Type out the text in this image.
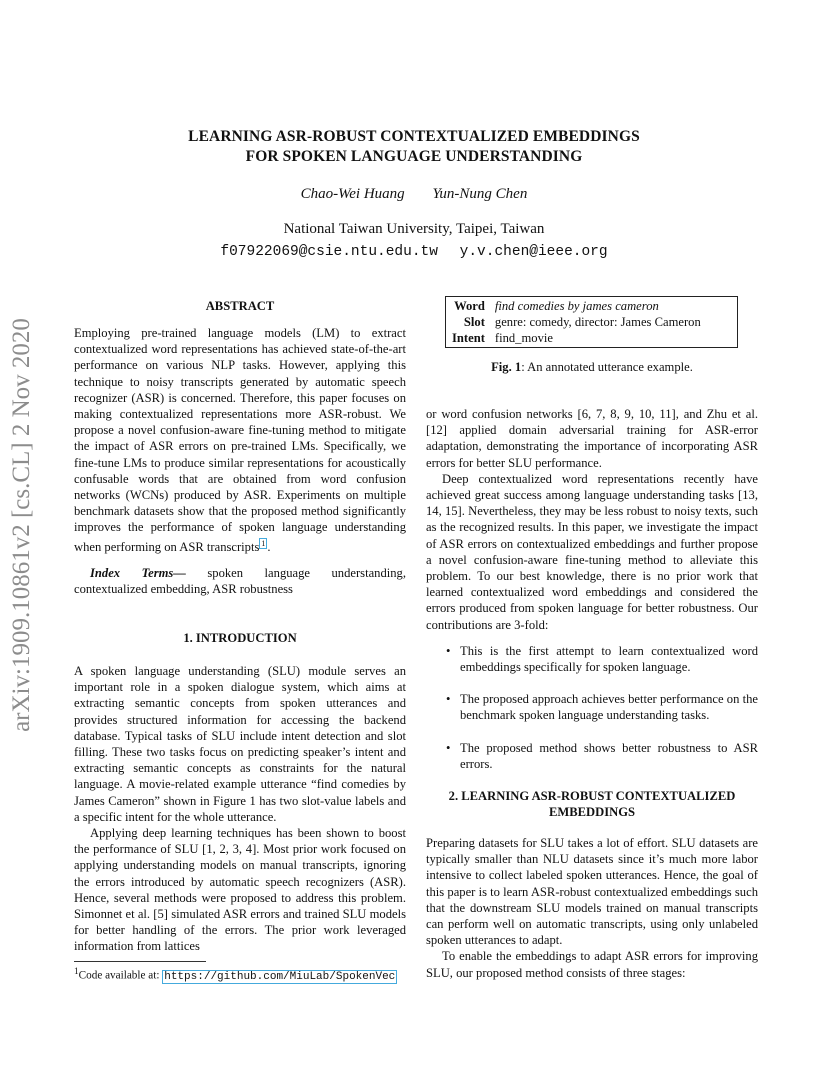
LEARNING ASR-ROBUST CONTEXTUALIZED EMBEDDINGS
FOR SPOKEN LANGUAGE UNDERSTANDING
Chao-Wei Huang Yun-Nung Chen
National Taiwan University, Taipei, Taiwan
f07922069@csie.ntu.edu.tw y.v.chen@ieee.org
arXiv:1909.10861v2 [cs.CL] 2 Nov 2020
ABSTRACT

Employing pre-trained language models (LM) to extract contextualized word representations has achieved state-of-the-art performance on various NLP tasks. However, applying this technique to noisy transcripts generated by automatic speech recognizer (ASR) is concerned. Therefore, this paper focuses on making contextualized representations more ASR-robust. We propose a novel confusion-aware fine-tuning method to mitigate the impact of ASR errors on pre-trained LMs. Specifically, we fine-tune LMs to produce similar representations for acoustically confusable words that are obtained from word confusion networks (WCNs) produced by ASR. Experiments on multiple benchmark datasets show that the proposed method significantly improves the performance of spoken language understanding when performing on ASR transcripts $^1$ .

Index Terms— spoken language understanding, contextualized embedding, ASR robustness

1. INTRODUCTION

A spoken language understanding (SLU) module serves an important role in a spoken dialogue system, which aims at extracting semantic concepts from spoken utterances and provides structured information for accessing the backend database. Typical tasks of SLU include intent detection and slot filling. These two tasks focus on predicting speaker’s intent and extracting semantic concepts as constraints for the natural language. A movie-related example utterance “find comedies by James Cameron” shown in Figure 1 has two slot-value labels and a specific intent for the whole utterance.

Applying deep learning techniques has been shown to boost the performance of SLU [1, 2, 3, 4]. Most prior work focused on applying understanding models on manual transcripts, ignoring the errors introduced by automatic speech recognizers (ASR). Hence, several methods were proposed to address this problem. Simonnet et al. [5] simulated ASR errors and trained SLU models for better handling of the errors. The prior work leveraged information from lattices

$^1$Code available at: https://github.com/MiuLab/SpokenVec
Word	find comedies by james cameron
Slot	genre: comedy, director: James Cameron
Intent	find_movie
Fig. 1: An annotated utterance example.

or word confusion networks [6, 7, 8, 9, 10, 11], and Zhu et al. [12] applied domain adversarial training for ASR-error adaptation, demonstrating the importance of incorporating ASR errors for better SLU performance.

Deep contextualized word representations recently have achieved great success among language understanding tasks [13, 14, 15]. Nevertheless, they may be less robust to noisy texts, such as the recognized results. In this paper, we investigate the impact of ASR errors on contextualized embeddings and further propose a novel confusion-aware fine-tuning method to alleviate this problem. To our best knowledge, there is no prior work that learned contextualized word embeddings and considered the errors produced from spoken language for better robustness. Our contributions are 3-fold:

• This is the first attempt to learn contextualized word embeddings specifically for spoken language.
• The proposed approach achieves better performance on the benchmark spoken language understanding tasks.
• The proposed method shows better robustness to ASR errors.
2. LEARNING ASR-ROBUST CONTEXTUALIZED
EMBEDDINGS

Preparing datasets for SLU takes a lot of effort. SLU datasets are typically smaller than NLU datasets since it’s much more labor intensive to collect labeled spoken utterances. Hence, the goal of this paper is to learn ASR-robust contextualized embeddings such that the downstream SLU models trained on manual transcripts can perform well on automatic transcripts, using only unlabeled spoken utterances to adapt.

To enable the embeddings to adapt ASR errors for improving SLU, our proposed method consists of three stages:
